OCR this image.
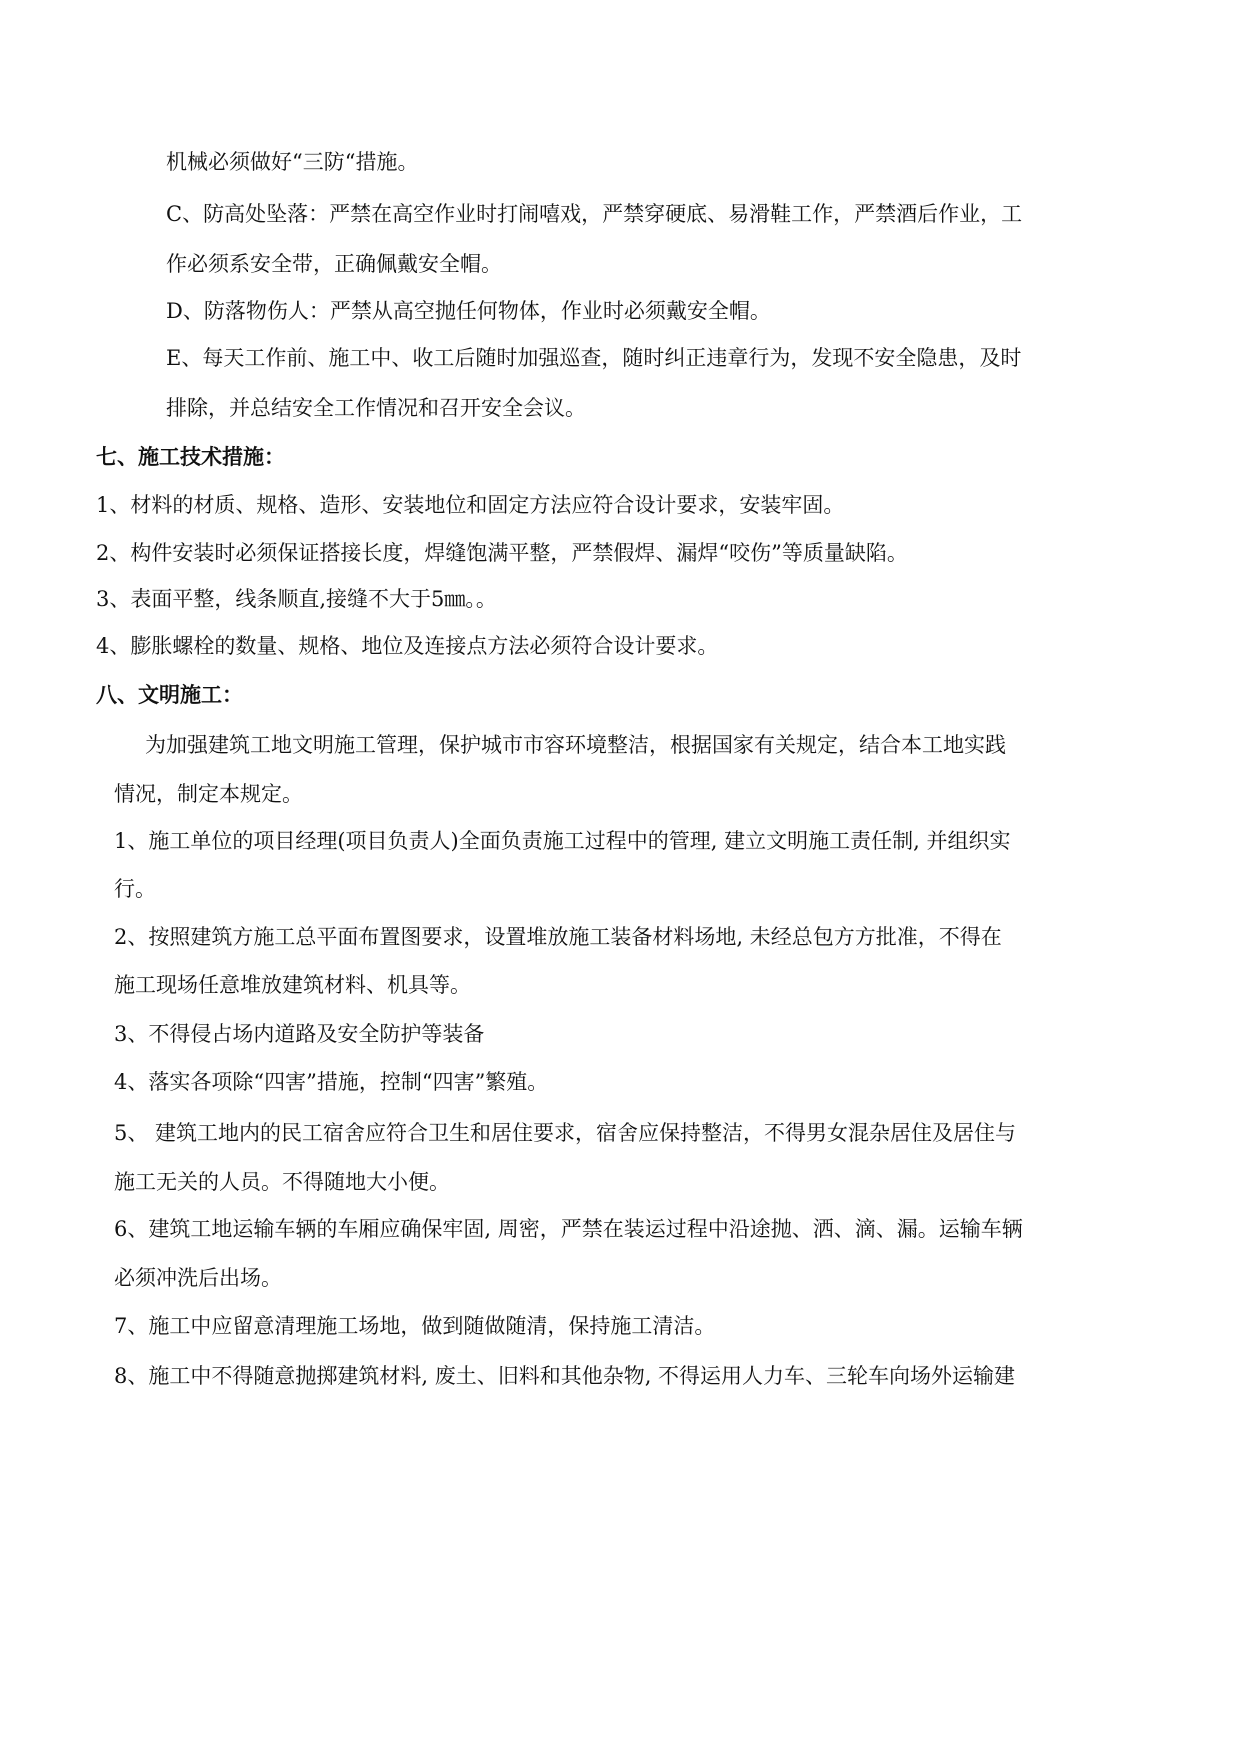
机械必须做好“三防“措施。
C、防高处坠落：严禁在高空作业时打闹嘻戏，严禁穿硬底、易滑鞋工作，严禁酒后作业，工
作必须系安全带，正确佩戴安全帽。
D、防落物伤人：严禁从高空抛任何物体，作业时必须戴安全帽。
E、每天工作前、施工中、收工后随时加强巡查，随时纠正违章行为，发现不安全隐患，及时
排除，并总结安全工作情况和召开安全会议。
七、施工技术措施：
1、材料的材质、规格、造形、安装地位和固定方法应符合设计要求，安装牢固。
2、构件安装时必须保证搭接长度，焊缝饱满平整，严禁假焊、漏焊“咬伤”等质量缺陷。
3、表面平整，线条顺直,接缝不大于5㎜。。
4、膨胀螺栓的数量、规格、地位及连接点方法必须符合设计要求。
八、文明施工：
为加强建筑工地文明施工管理，保护城市市容环境整洁，根据国家有关规定，结合本工地实践
情况，制定本规定。
1、施工单位的项目经理(项目负责人)全面负责施工过程中的管理, 建立文明施工责任制, 并组织实
行。
2、按照建筑方施工总平面布置图要求，设置堆放施工装备材料场地, 未经总包方方批准，不得在
施工现场任意堆放建筑材料、机具等。
3、不得侵占场内道路及安全防护等装备
4、落实各项除“四害”措施，控制“四害”繁殖。
5、 建筑工地内的民工宿舍应符合卫生和居住要求，宿舍应保持整洁，不得男女混杂居住及居住与
施工无关的人员。不得随地大小便。
6、建筑工地运输车辆的车厢应确保牢固, 周密，严禁在装运过程中沿途抛、洒、滴、漏。运输车辆
必须冲洗后出场。
7、施工中应留意清理施工场地，做到随做随清，保持施工清洁。
8、施工中不得随意抛掷建筑材料, 废土、旧料和其他杂物, 不得运用人力车、三轮车向场外运输建
